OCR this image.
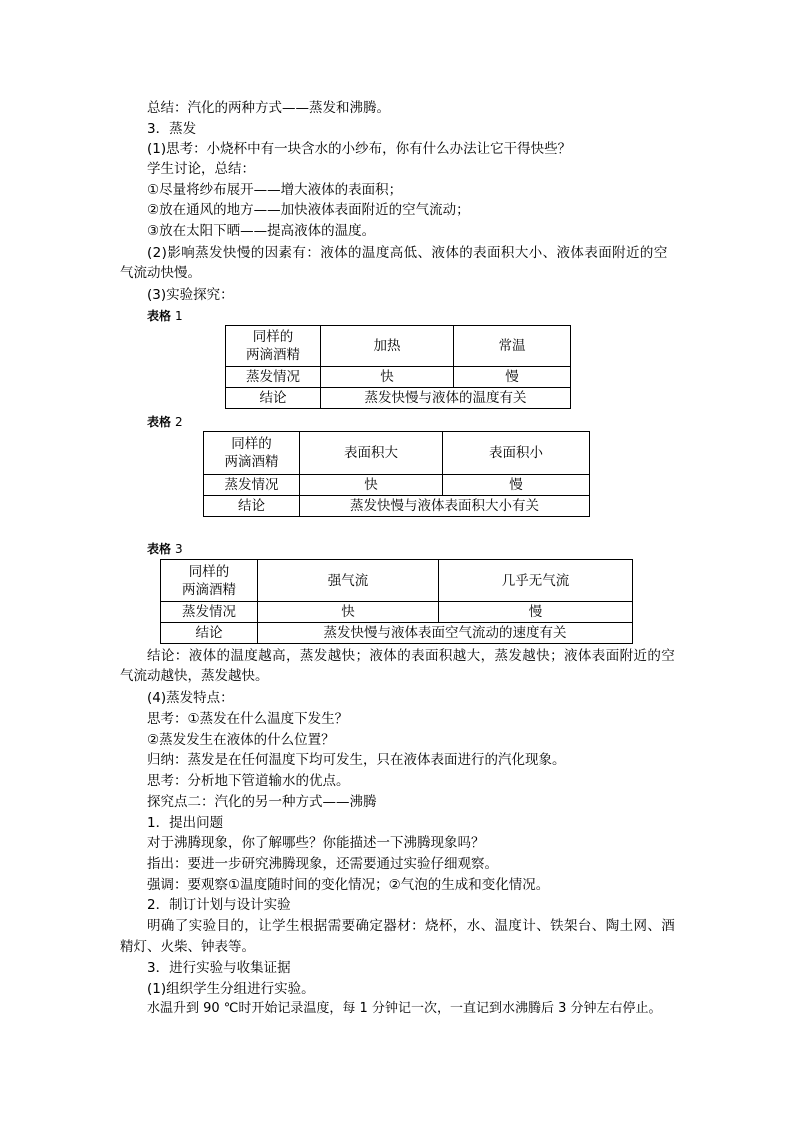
总结：汽化的两种方式——蒸发和沸腾。
3．蒸发
(1)思考：小烧杯中有一块含水的小纱布，你有什么办法让它干得快些？
学生讨论，总结：
①尽量将纱布展开——增大液体的表面积；
②放在通风的地方——加快液体表面附近的空气流动；
③放在太阳下晒——提高液体的温度。
(2)影响蒸发快慢的因素有：液体的温度高低、液体的表面积大小、液体表面附近的空
气流动快慢。
(3)实验探究：
表格 1
同样的
两滴酒精	加热	常温
蒸发情况	快	慢
结论	蒸发快慢与液体的温度有关	
表格 2
同样的
两滴酒精	表面积大	表面积小
蒸发情况	快	慢
结论	蒸发快慢与液体表面积大小有关	
表格 3
同样的
两滴酒精	强气流	几乎无气流
蒸发情况	快	慢
结论	蒸发快慢与液体表面空气流动的速度有关	
结论：液体的温度越高，蒸发越快；液体的表面积越大，蒸发越快；液体表面附近的空
气流动越快，蒸发越快。
(4)蒸发特点：
思考：①蒸发在什么温度下发生？
②蒸发发生在液体的什么位置？
归纳：蒸发是在任何温度下均可发生，只在液体表面进行的汽化现象。
思考：分析地下管道输水的优点。
探究点二：汽化的另一种方式——沸腾
1．提出问题
对于沸腾现象，你了解哪些？你能描述一下沸腾现象吗？
指出：要进一步研究沸腾现象，还需要通过实验仔细观察。
强调：要观察①温度随时间的变化情况；②气泡的生成和变化情况。
2．制订计划与设计实验
明确了实验目的，让学生根据需要确定器材：烧杯，水、温度计、铁架台、陶土网、酒
精灯、火柴、钟表等。
3．进行实验与收集证据
(1)组织学生分组进行实验。
水温升到 90 ℃时开始记录温度，每 1 分钟记一次，一直记到水沸腾后 3 分钟左右停止。
